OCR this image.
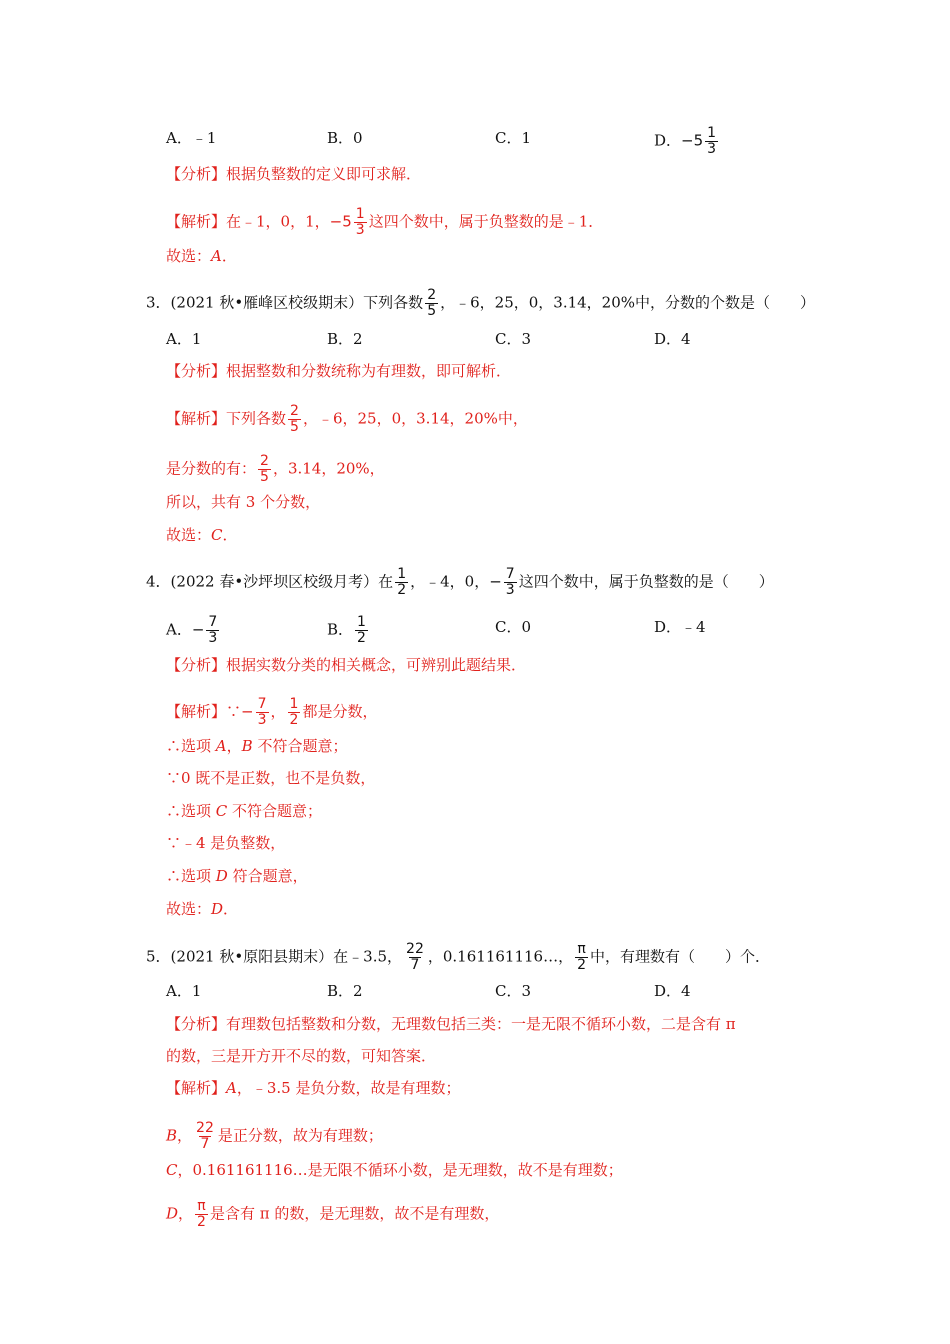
A．﹣1	B．0	C．1	D．$-5 \frac{1}{3}$
【分析】根据负整数的定义即可求解．
【解析】在﹣1，0，1，$-5 \frac{1}{3}$ 这四个数中，属于负整数的是﹣1．
故选：A．
3．(2021 秋•雁峰区校级期末）下列各数 $\frac{2}{5}$ ，﹣6，25，0，3.14，20%中，分数的个数是（　　）
A．1	B．2	C．3	D．4
【分析】根据整数和分数统称为有理数，即可解析．
【解析】下列各数 $\frac{2}{5}$ ，﹣6，25，0，3.14，20%中，
是分数的有： $\frac{2}{5}$ ，3.14，20%，
所以，共有 3 个分数，
故选：C．
4．(2022 春•沙坪坝区校级月考）在 $\frac{1}{2}$ ，﹣4，0，− $\frac{7}{3}$ 这四个数中，属于负整数的是（　　）
A．− $\frac{7}{3}$	B． $\frac{1}{2}$	C．0	D．﹣4
【分析】根据实数分类的相关概念，可辨别此题结果．
【解析】∵− $\frac{7}{3}$ ， $\frac{1}{2}$ 都是分数，
∴选项 A，B 不符合题意；
∵0 既不是正数，也不是负数，
∴选项 C 不符合题意；
∵﹣4 是负整数，
∴选项 D 符合题意，
故选：D．
5．(2021 秋•原阳县期末）在﹣3.5， $\frac{22}{7}$ ，0.161161116…， $\frac{\pi}{2}$ 中，有理数有（　　）个．
A．1	B．2	C．3	D．4
【分析】有理数包括整数和分数，无理数包括三类：一是无限不循环小数，二是含有 π
的数，三是开方开不尽的数，可知答案．
【解析】A，﹣3.5 是负分数，故是有理数；
B， $\frac{22}{7}$ 是正分数，故为有理数；
C，0.161161116…是无限不循环小数，是无理数，故不是有理数；
D， $\frac{\pi}{2}$ 是含有 π 的数，是无理数，故不是有理数，
